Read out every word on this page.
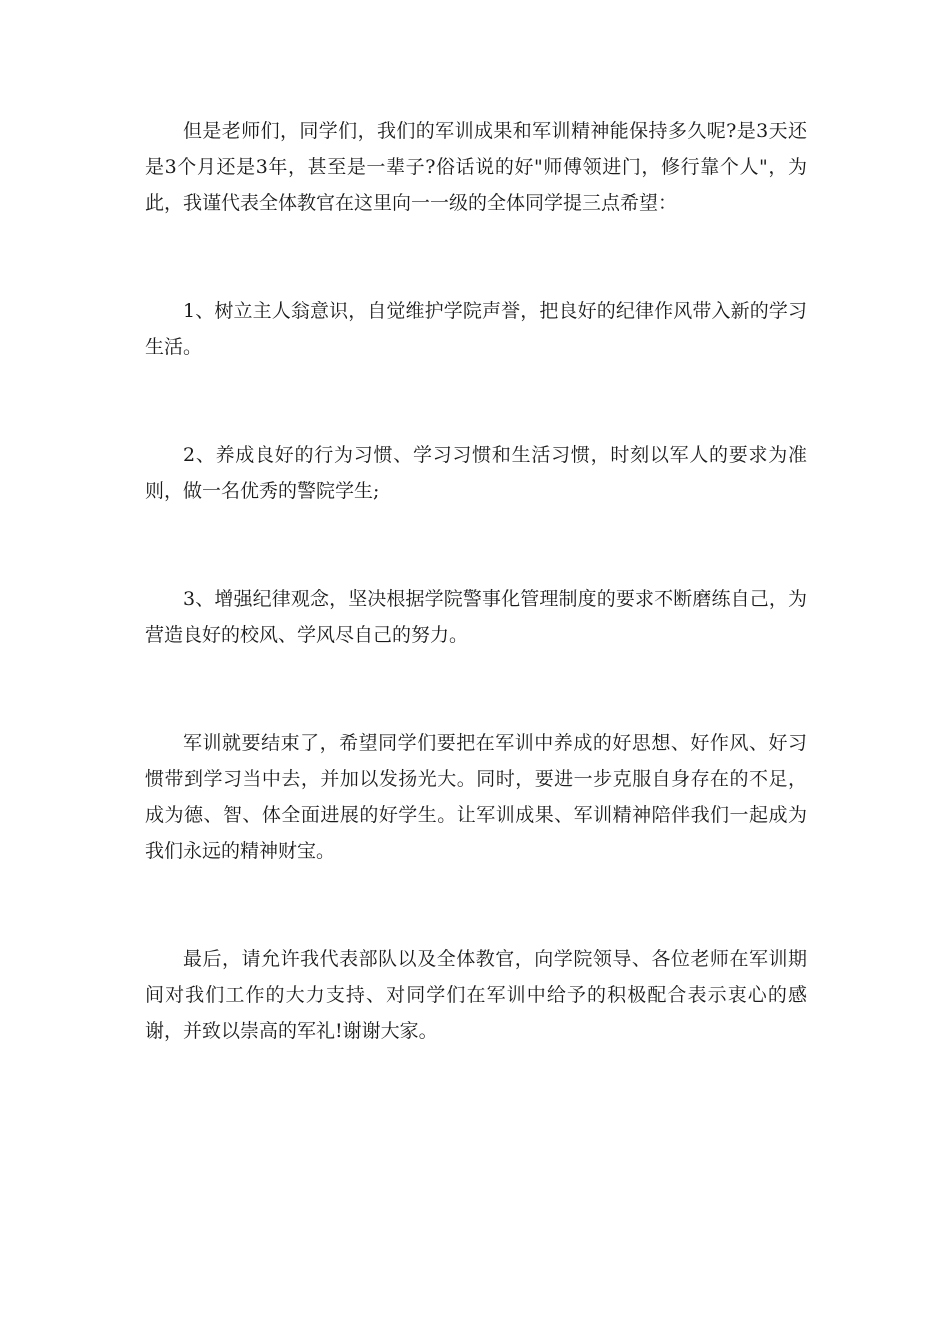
但是老师们，同学们，我们的军训成果和军训精神能保持多久呢?是3天还是3个月还是3年，甚至是一辈子?俗话说的好"师傅领进门，修行靠个人"，为此，我谨代表全体教官在这里向一一级的全体同学提三点希望：

1、树立主人翁意识，自觉维护学院声誉，把良好的纪律作风带入新的学习生活。

2、养成良好的行为习惯、学习习惯和生活习惯，时刻以军人的要求为准则，做一名优秀的警院学生;

3、增强纪律观念，坚决根据学院警事化管理制度的要求不断磨练自己，为营造良好的校风、学风尽自己的努力。

军训就要结束了，希望同学们要把在军训中养成的好思想、好作风、好习惯带到学习当中去，并加以发扬光大。同时，要进一步克服自身存在的不足，成为德、智、体全面进展的好学生。让军训成果、军训精神陪伴我们一起成为我们永远的精神财宝。

最后，请允许我代表部队以及全体教官，向学院领导、各位老师在军训期间对我们工作的大力支持、对同学们在军训中给予的积极配合表示衷心的感谢，并致以崇高的军礼!谢谢大家。
